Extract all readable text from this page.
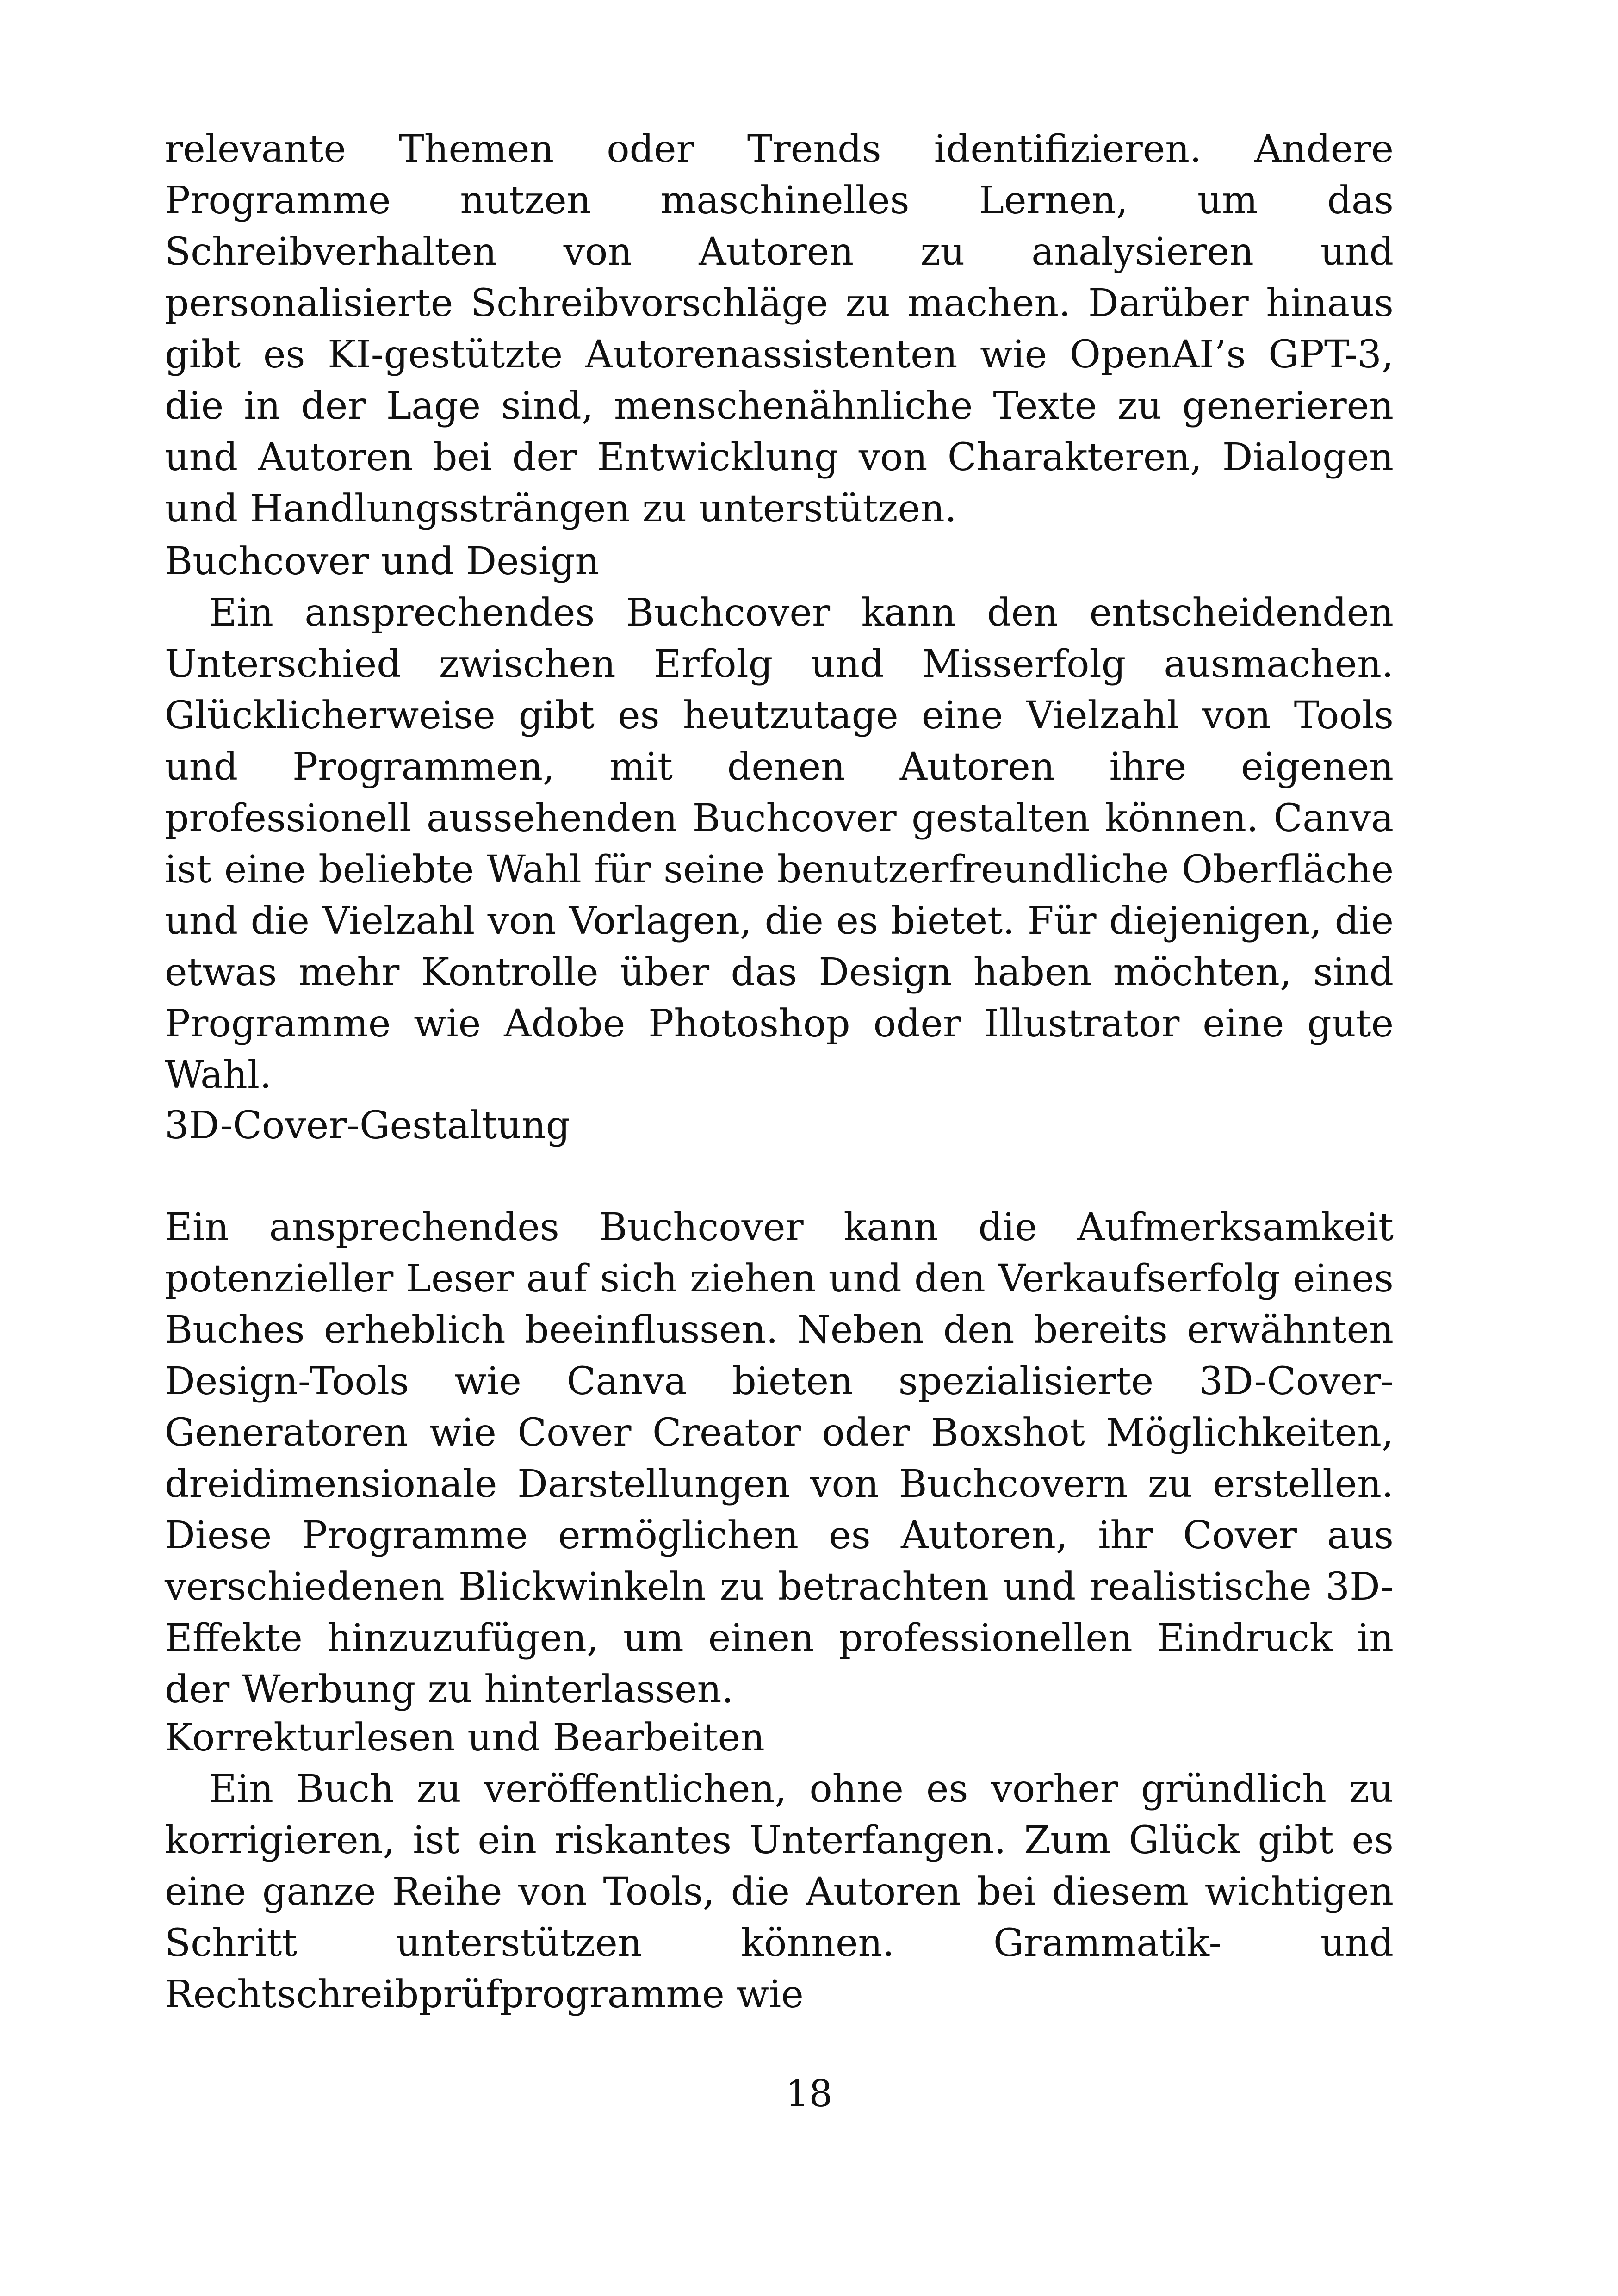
relevante Themen oder Trends identifizieren. Andere Programme nutzen maschinelles Lernen, um das Schreibverhalten von Autoren zu analysieren und personalisierte Schreibvorschläge zu machen. Darüber hinaus gibt es KI-gestützte Autorenassistenten wie OpenAI’s GPT-3, die in der Lage sind, menschenähnliche Texte zu generieren und Autoren bei der Entwicklung von Charakteren, Dialogen und Handlungssträngen zu unterstützen.

Buchcover und Design

Ein ansprechendes Buchcover kann den entscheidenden Unterschied zwischen Erfolg und Misserfolg ausmachen. Glücklicherweise gibt es heutzutage eine Vielzahl von Tools und Programmen, mit denen Autoren ihre eigenen professionell aussehenden Buchcover gestalten können. Canva ist eine beliebte Wahl für seine benutzerfreundliche Oberfläche und die Vielzahl von Vorlagen, die es bietet. Für diejenigen, die etwas mehr Kontrolle über das Design haben möchten, sind Programme wie Adobe Photoshop oder Illustrator eine gute Wahl.

3D-Cover-Gestaltung

Ein ansprechendes Buchcover kann die Aufmerksamkeit potenzieller Leser auf sich ziehen und den Verkaufserfolg eines Buches erheblich beeinflussen. Neben den bereits erwähnten Design-Tools wie Canva bieten spezialisierte 3D-Cover-Generatoren wie Cover Creator oder Boxshot Möglichkeiten, dreidimensionale Darstellungen von Buchcovern zu erstellen. Diese Programme ermöglichen es Autoren, ihr Cover aus verschiedenen Blickwinkeln zu betrachten und realistische 3D-Effekte hinzuzufügen, um einen professionellen Eindruck in der Werbung zu hinterlassen.

Korrekturlesen und Bearbeiten

Ein Buch zu veröffentlichen, ohne es vorher gründlich zu korrigieren, ist ein riskantes Unterfangen. Zum Glück gibt es eine ganze Reihe von Tools, die Autoren bei diesem wichtigen Schritt unterstützen können. Grammatik- und Rechtschreibprüfprogramme wie

18
